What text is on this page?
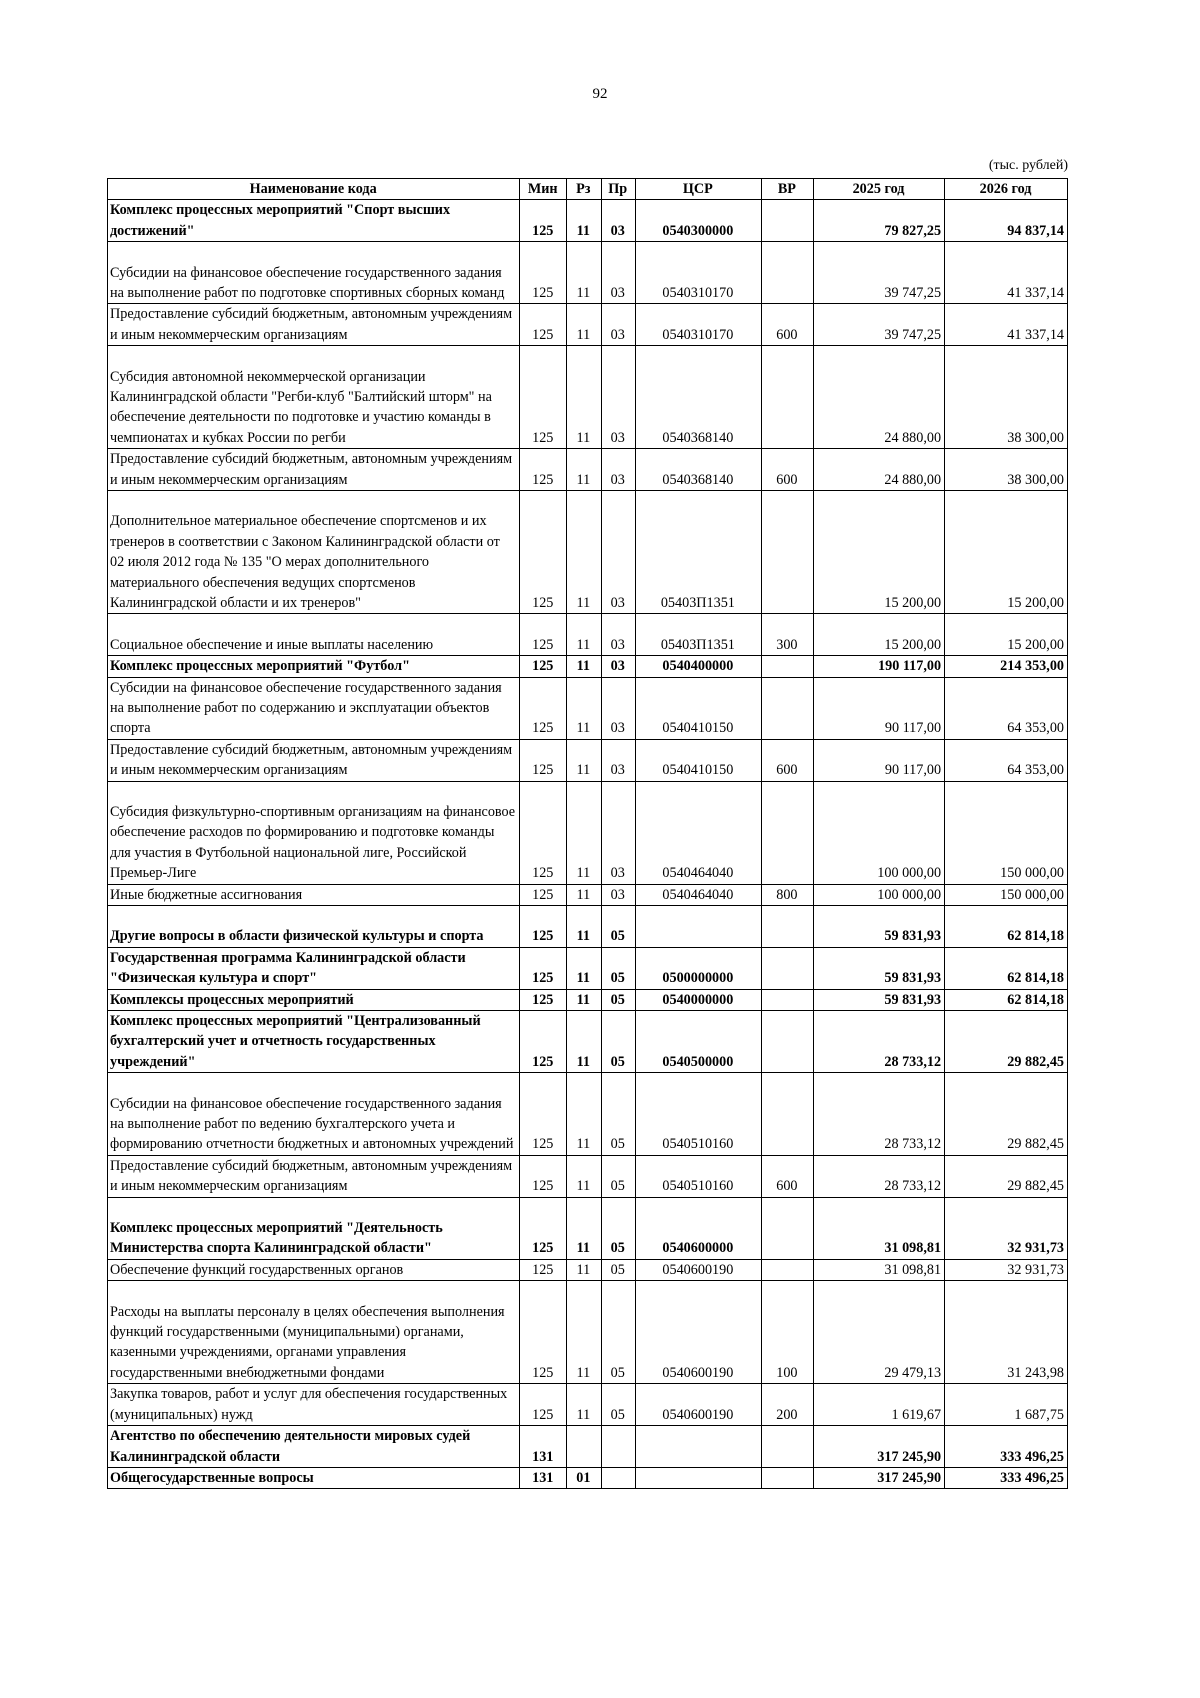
92
(тыс. рублей)
Наименование кода	Мин	Рз	Пр	ЦСР	ВР	2025 год	2026 год
Комплекс процессных мероприятий "Спорт высших достижений"	125	11	03	0540300000		79 827,25	94 837,14
Субсидии на финансовое обеспечение государственного задания на выполнение работ по подготовке спортивных сборных команд	125	11	03	0540310170		39 747,25	41 337,14
Предоставление субсидий бюджетным, автономным учреждениям и иным некоммерческим организациям	125	11	03	0540310170	600	39 747,25	41 337,14
Субсидия автономной некоммерческой организации Калининградской области "Регби-клуб "Балтийский шторм" на обеспечение деятельности по подготовке и участию команды в чемпионатах и кубках России по регби	125	11	03	0540368140		24 880,00	38 300,00
Предоставление субсидий бюджетным, автономным учреждениям и иным некоммерческим организациям	125	11	03	0540368140	600	24 880,00	38 300,00
Дополнительное материальное обеспечение спортсменов и их тренеров в соответствии с Законом Калининградской области от 02 июля 2012 года № 135 "О мерах дополнительного материального обеспечения ведущих спортсменов Калининградской области и их тренеров"	125	11	03	05403П1351		15 200,00	15 200,00
Социальное обеспечение и иные выплаты населению	125	11	03	05403П1351	300	15 200,00	15 200,00
Комплекс процессных мероприятий "Футбол"	125	11	03	0540400000		190 117,00	214 353,00
Субсидии на финансовое обеспечение государственного задания на выполнение работ по содержанию и эксплуатации объектов спорта	125	11	03	0540410150		90 117,00	64 353,00
Предоставление субсидий бюджетным, автономным учреждениям и иным некоммерческим организациям	125	11	03	0540410150	600	90 117,00	64 353,00
Субсидия физкультурно-спортивным организациям на финансовое обеспечение расходов по формированию и подготовке команды для участия в Футбольной национальной лиге, Российской Премьер-Лиге	125	11	03	0540464040		100 000,00	150 000,00
Иные бюджетные ассигнования	125	11	03	0540464040	800	100 000,00	150 000,00
Другие вопросы в области физической культуры и спорта	125	11	05			59 831,93	62 814,18
Государственная программа Калининградской области "Физическая культура и спорт"	125	11	05	0500000000		59 831,93	62 814,18
Комплексы процессных мероприятий	125	11	05	0540000000		59 831,93	62 814,18
Комплекс процессных мероприятий "Централизованный бухгалтерский учет и отчетность государственных учреждений"	125	11	05	0540500000		28 733,12	29 882,45
Субсидии на финансовое обеспечение государственного задания на выполнение работ по ведению бухгалтерского учета и формированию отчетности бюджетных и автономных учреждений	125	11	05	0540510160		28 733,12	29 882,45
Предоставление субсидий бюджетным, автономным учреждениям и иным некоммерческим организациям	125	11	05	0540510160	600	28 733,12	29 882,45
Комплекс процессных мероприятий "Деятельность Министерства спорта Калининградской области"	125	11	05	0540600000		31 098,81	32 931,73
Обеспечение функций государственных органов	125	11	05	0540600190		31 098,81	32 931,73
Расходы на выплаты персоналу в целях обеспечения выполнения функций государственными (муниципальными) органами, казенными учреждениями, органами управления государственными внебюджетными фондами	125	11	05	0540600190	100	29 479,13	31 243,98
Закупка товаров, работ и услуг для обеспечения государственных (муниципальных) нужд	125	11	05	0540600190	200	1 619,67	1 687,75
Агентство по обеспечению деятельности мировых судей Калининградской области	131					317 245,90	333 496,25
Общегосударственные вопросы	131	01				317 245,90	333 496,25
